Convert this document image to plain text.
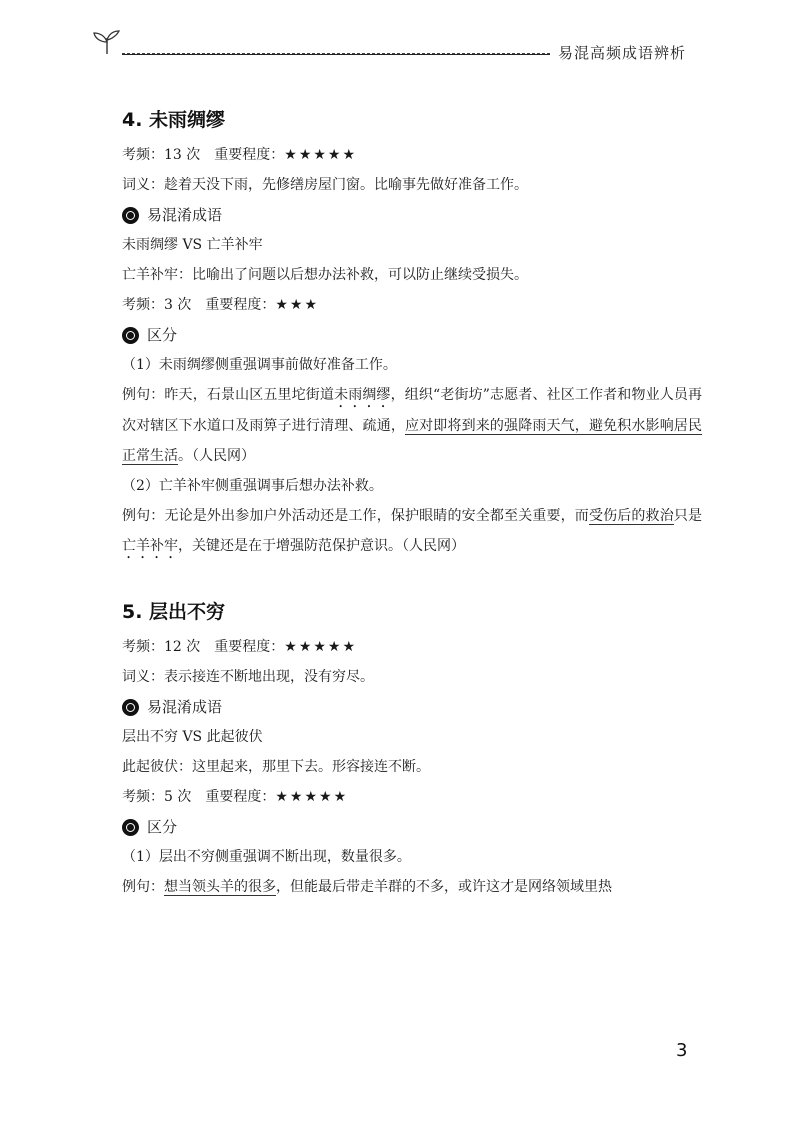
易混高频成语辨析
4. 未雨绸缪
考频：13 次　重要程度：★★★★★
词义：趁着天没下雨，先修缮房屋门窗。比喻事先做好准备工作。
易混淆成语
未雨绸缪 VS 亡羊补牢
亡羊补牢：比喻出了问题以后想办法补救，可以防止继续受损失。
考频：3 次　重要程度：★★★
区分
（1）未雨绸缪侧重强调事前做好准备工作。
例句：昨天，石景山区五里坨街道未雨绸缪，组织“老街坊”志愿者、社区工作者和物业人员再次对辖区下水道口及雨箅子进行清理、疏通，应对即将到来的强降雨天气，避免积水影响居民正常生活。（人民网）
（2）亡羊补牢侧重强调事后想办法补救。
例句：无论是外出参加户外活动还是工作，保护眼睛的安全都至关重要，而受伤后的救治只是亡羊补牢，关键还是在于增强防范保护意识。（人民网）
5. 层出不穷
考频：12 次　重要程度：★★★★★
词义：表示接连不断地出现，没有穷尽。
易混淆成语
层出不穷 VS 此起彼伏
此起彼伏：这里起来，那里下去。形容接连不断。
考频：5 次　重要程度：★★★★★
区分
（1）层出不穷侧重强调不断出现，数量很多。
例句：想当领头羊的很多，但能最后带走羊群的不多，或许这才是网络领域里热
3
